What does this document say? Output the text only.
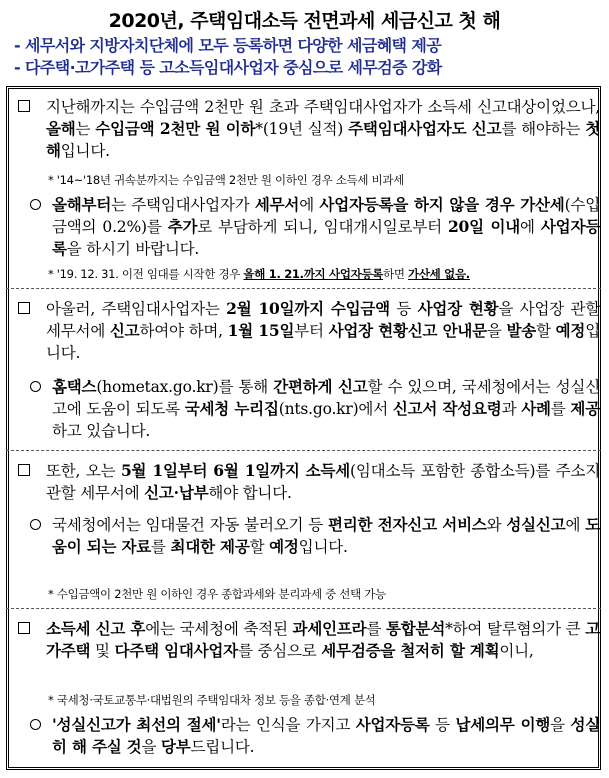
2020년, 주택임대소득 전면과세 세금신고 첫 해
- 세무서와 지방자치단체에 모두 등록하면 다양한 세금혜택 제공
- 다주택·고가주택 등 고소득임대사업자 중심으로 세무검증 강화
지난해까지는 수입금액 2천만 원 초과 주택임대사업자가 소득세 신고대상이었으나, 올해는 수입금액 2천만 원 이하*(19년 실적) 주택임대사업자도 신고를 해야하는 첫 해입니다.
* '14~'18년 귀속분까지는 수입금액 2천만 원 이하인 경우 소득세 비과세
올해부터는 주택임대사업자가 세무서에 사업자등록을 하지 않을 경우 가산세(수입금액의 0.2%)를 추가로 부담하게 되니, 임대개시일로부터 20일 이내에 사업자등록을 하시기 바랍니다.
* '19. 12. 31. 이전 임대를 시작한 경우 올해 1. 21.까지 사업자등록하면 가산세 없음.
아울러, 주택임대사업자는 2월 10일까지 수입금액 등 사업장 현황을 사업장 관할 세무서에 신고하여야 하며, 1월 15일부터 사업장 현황신고 안내문을 발송할 예정입니다.
홈택스(hometax.go.kr)를 통해 간편하게 신고할 수 있으며, 국세청에서는 성실신고에 도움이 되도록 국세청 누리집(nts.go.kr)에서 신고서 작성요령과 사례를 제공하고 있습니다.
또한, 오는 5월 1일부터 6월 1일까지 소득세(임대소득 포함한 종합소득)를 주소지 관할 세무서에 신고·납부해야 합니다.
국세청에서는 임대물건 자동 불러오기 등 편리한 전자신고 서비스와 성실신고에 도움이 되는 자료를 최대한 제공할 예정입니다.
* 수입금액이 2천만 원 이하인 경우 종합과세와 분리과세 중 선택 가능
소득세 신고 후에는 국세청에 축적된 과세인프라를 통합분석*하여 탈루혐의가 큰 고가주택 및 다주택 임대사업자를 중심으로 세무검증을 철저히 할 계획이니,
* 국세청·국토교통부·대법원의 주택임대차 정보 등을 종합·연계 분석
'성실신고가 최선의 절세'라는 인식을 가지고 사업자등록 등 납세의무 이행을 성실히 해 주실 것을 당부드립니다.
